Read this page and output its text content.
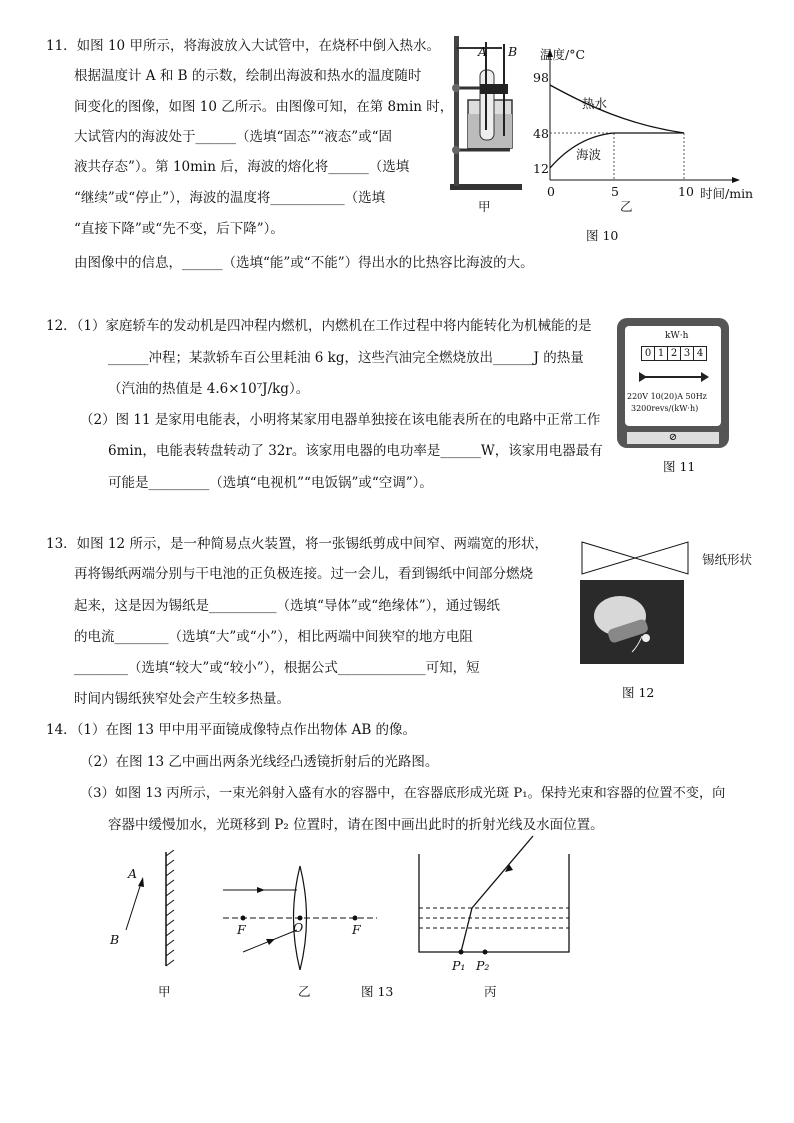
11．如图 10 甲所示，将海波放入大试管中，在烧杯中倒入热水。
根据温度计 A 和 B 的示数，绘制出海波和热水的温度随时
间变化的图像，如图 10 乙所示。由图像可知，在第 8min 时，
大试管内的海波处于______（选填“固态”“液态”或“固
液共存态”）。第 10min 后，海波的熔化将______（选填
“继续”或“停止”），海波的温度将___________（选填
“直接下降”或“先不变，后下降”）。
由图像中的信息，______（选填“能”或“不能”）得出水的比热容比海波的大。
A B
甲
温度/°C
时间/min
98
48
12
0	5	10
热水
海波
乙
图 10
12．（1）家庭轿车的发动机是四冲程内燃机，内燃机在工作过程中将内能转化为机械能的是
______冲程；某款轿车百公里耗油 6 kg，这些汽油完全燃烧放出______J 的热量
（汽油的热值是 4.6×10⁷J/kg）。
（2）图 11 是家用电能表，小明将某家用电器单独接在该电能表所在的电路中正常工作
6min，电能表转盘转动了 32r。该家用电器的电功率是______W，该家用电器最有
可能是_________（选填“电视机”“电饭锅”或“空调”）。
kW·h
0 1 2 3 4
220V 10(20)A 50Hz
3200revs/(kW·h)
⊘
图 11
13．如图 12 所示，是一种简易点火装置，将一张锡纸剪成中间窄、两端宽的形状，
再将锡纸两端分别与干电池的正负极连接。过一会儿，看到锡纸中间部分燃烧
起来，这是因为锡纸是__________（选填“导体”或“绝缘体”），通过锡纸
的电流________（选填“大”或“小”），相比两端中间狭窄的地方电阻
________（选填“较大”或“较小”），根据公式_____________可知，短
时间内锡纸狭窄处会产生较多热量。
锡纸形状
图 12
14．（1）在图 13 甲中用平面镜成像特点作出物体 AB 的像。
（2）在图 13 乙中画出两条光线经凸透镜折射后的光路图。
（3）如图 13 丙所示，一束光斜射入盛有水的容器中，在容器底形成光斑 P₁。保持光束和容器的位置不变，向
容器中缓慢加水，光斑移到 P₂ 位置时，请在图中画出此时的折射光线及水面位置。
A
B
甲
F	O	F
乙	图 13
P₁ P₂
丙
